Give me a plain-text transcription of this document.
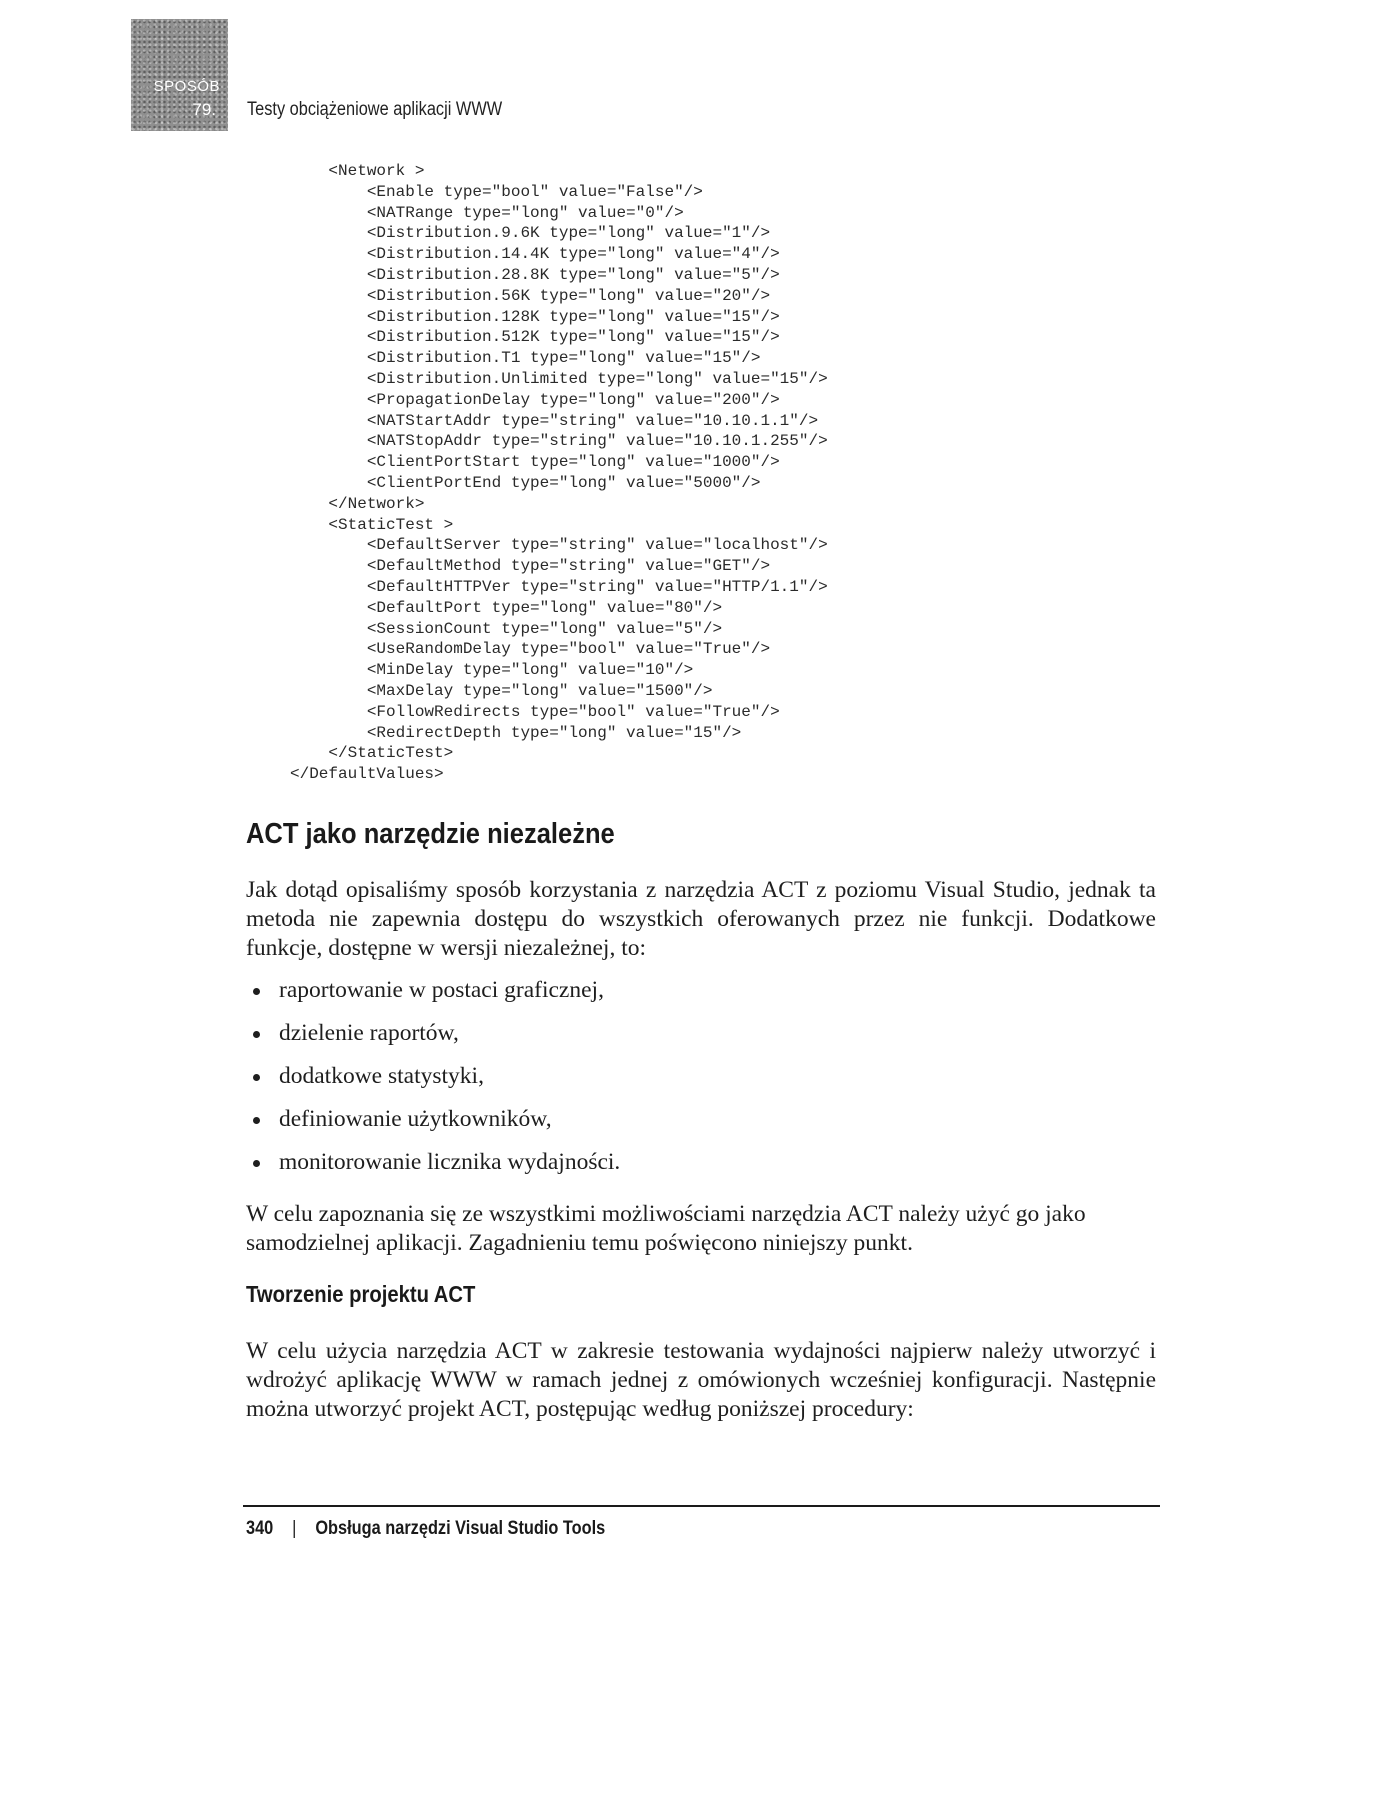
SPOSÓB
79. Testy obciążeniowe aplikacji WWW
<Network >
<Enable type="bool" value="False"/>
<NATRange type="long" value="0"/>
<Distribution.9.6K type="long" value="1"/>
<Distribution.14.4K type="long" value="4"/>
<Distribution.28.8K type="long" value="5"/>
<Distribution.56K type="long" value="20"/>
<Distribution.128K type="long" value="15"/>
<Distribution.512K type="long" value="15"/>
<Distribution.T1 type="long" value="15"/>
<Distribution.Unlimited type="long" value="15"/>
<PropagationDelay type="long" value="200"/>
<NATStartAddr type="string" value="10.10.1.1"/>
<NATStopAddr type="string" value="10.10.1.255"/>
<ClientPortStart type="long" value="1000"/>
<ClientPortEnd type="long" value="5000"/>
</Network>
<StaticTest >
<DefaultServer type="string" value="localhost"/>
<DefaultMethod type="string" value="GET"/>
<DefaultHTTPVer type="string" value="HTTP/1.1"/>
<DefaultPort type="long" value="80"/>
<SessionCount type="long" value="5"/>
<UseRandomDelay type="bool" value="True"/>
<MinDelay type="long" value="10"/>
<MaxDelay type="long" value="1500"/>
<FollowRedirects type="bool" value="True"/>
<RedirectDepth type="long" value="15"/>
</StaticTest>
</DefaultValues>
ACT jako narzędzie niezależne

Jak dotąd opisaliśmy sposób korzystania z narzędzia ACT z poziomu Visual Studio, jednak ta metoda nie zapewnia dostępu do wszystkich oferowanych przez nie funkcji. Dodatkowe funkcje, dostępne w wersji niezależnej, to:

raportowanie w postaci graficznej,
dzielenie raportów,
dodatkowe statystyki,
definiowanie użytkowników,
monitorowanie licznika wydajności.

W celu zapoznania się ze wszystkimi możliwościami narzędzia ACT należy użyć go jako samodzielnej aplikacji. Zagadnieniu temu poświęcono niniejszy punkt.

Tworzenie projektu ACT

W celu użycia narzędzia ACT w zakresie testowania wydajności najpierw należy utworzyć i wdrożyć aplikację WWW w ramach jednej z omówionych wcześniej konfiguracji. Następnie można utworzyć projekt ACT, postępując według poniższej procedury:

340 | Obsługa narzędzi Visual Studio Tools
